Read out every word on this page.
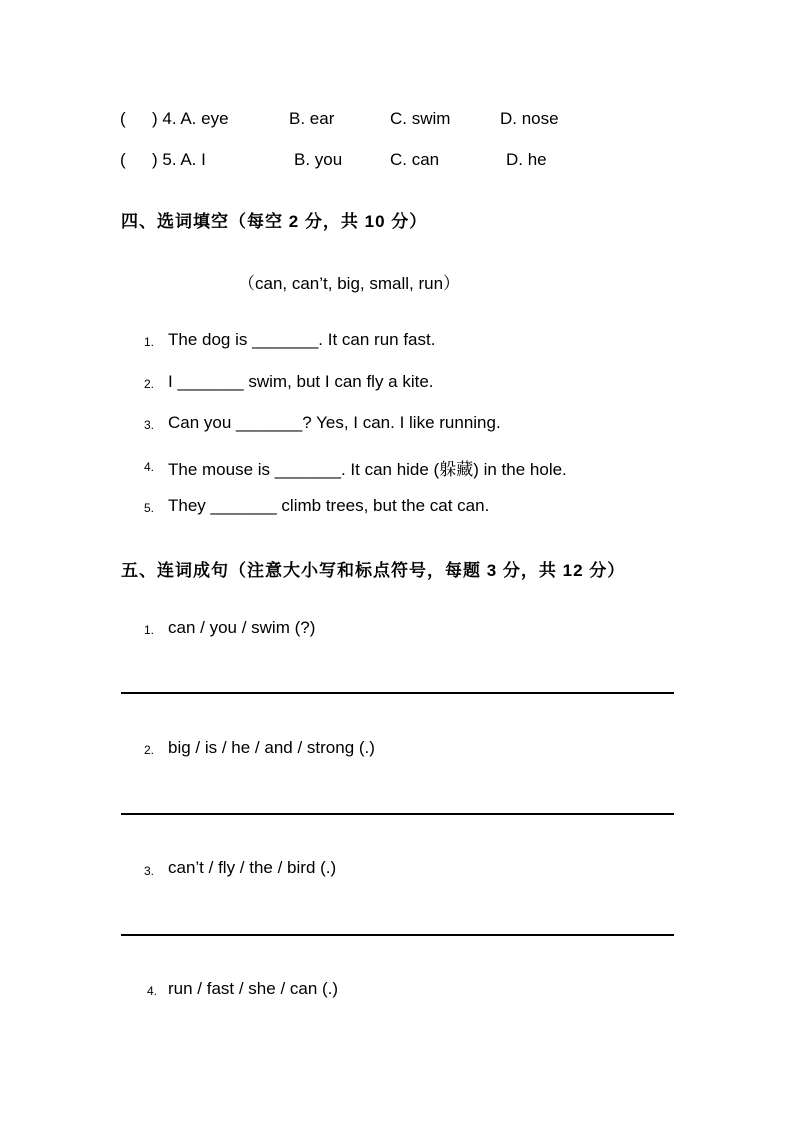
( ) 4. A. eye	B. ear	C. swim	D. nose
( ) 5. A. I	B. you	C. can	D. he
四、选词填空（每空 2 分，共 10 分）
（can, can’t, big, small, run）
1. The dog is _______. It can run fast.
2. I _______ swim, but I can fly a kite.
3. Can you _______? Yes, I can. I like running.
4. The mouse is _______. It can hide (躲藏) in the hole.
5. They _______ climb trees, but the cat can.
五、连词成句（注意大小写和标点符号，每题 3 分，共 12 分）
1. can / you / swim (?)
2. big / is / he / and / strong (.)
3. can’t / fly / the / bird (.)
4. run / fast / she / can (.)
